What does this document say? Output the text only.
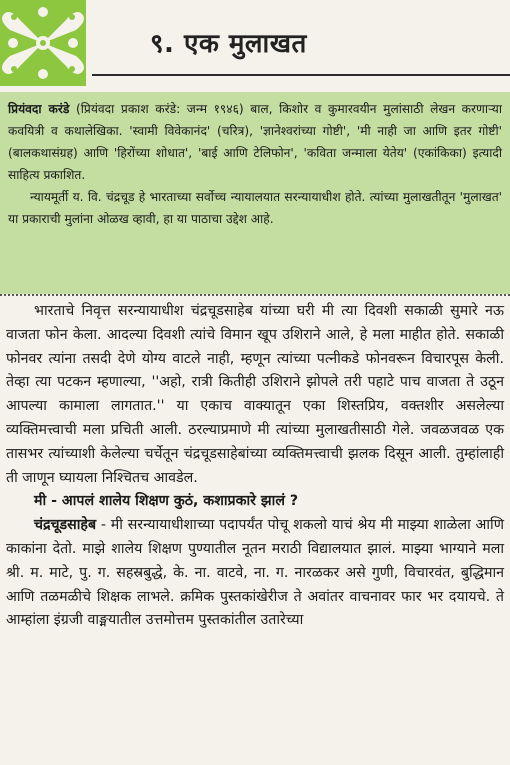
९. एक मुलाखत

प्रियंवदा करंडे (प्रियंवदा प्रकाश करंडे: जन्म १९४६) बाल, किशोर व कुमारवयीन मुलांसाठी लेखन करणाऱ्या कवयित्री व कथालेखिका. 'स्वामी विवेकानंद' (चरित्र), 'ज्ञानेश्वरांच्या गोष्टी', 'मी नाही जा आणि इतर गोष्टी' (बालकथासंग्रह) आणि 'हिरोंच्या शोधात', 'बाई आणि टेलिफोन', 'कविता जन्माला येतेय' (एकांकिका) इत्यादी साहित्य प्रकाशित.

न्यायमूर्ती य. वि. चंद्रचूड हे भारताच्या सर्वोच्च न्यायालयात सरन्यायाधीश होते. त्यांच्या मुलाखतीतून 'मुलाखत' या प्रकाराची मुलांना ओळख व्हावी, हा या पाठाचा उद्देश आहे.

भारताचे निवृत्त सरन्यायाधीश चंद्रचूडसाहेब यांच्या घरी मी त्या दिवशी सकाळी सुमारे नऊ वाजता फोन केला. आदल्या दिवशी त्यांचे विमान खूप उशिराने आले, हे मला माहीत होते. सकाळी फोनवर त्यांना तसदी देणे योग्य वाटले नाही, म्हणून त्यांच्या पत्नीकडे फोनवरून विचारपूस केली. तेव्हा त्या पटकन म्हणाल्या, ''अहो, रात्री कितीही उशिराने झोपले तरी पहाटे पाच वाजता ते उठून आपल्या कामाला लागतात.'' या एकाच वाक्यातून एका शिस्तप्रिय, वक्तशीर असलेल्या व्यक्तिमत्त्वाची मला प्रचिती आली. ठरल्याप्रमाणे मी त्यांच्या मुलाखतीसाठी गेले. जवळजवळ एक तासभर त्यांच्याशी केलेल्या चर्चेतून चंद्रचूडसाहेबांच्या व्यक्तिमत्त्वाची झलक दिसून आली. तुम्हांलाही ती जाणून घ्यायला निश्चितच आवडेल.

मी - आपलं शालेय शिक्षण कुठं, कशाप्रकारे झालं ?

चंद्रचूडसाहेब - मी सरन्यायाधीशाच्या पदापर्यंत पोचू शकलो याचं श्रेय मी माझ्या शाळेला आणि काकांना देतो. माझे शालेय शिक्षण पुण्यातील नूतन मराठी विद्यालयात झालं. माझ्या भाग्याने मला श्री. म. माटे, पु. ग. सहस्रबुद्धे, के. ना. वाटवे, ना. ग. नारळकर असे गुणी, विचारवंत, बुद्धिमान आणि तळमळीचे शिक्षक लाभले. क्रमिक पुस्तकांखेरीज ते अवांतर वाचनावर फार भर दयायचे. ते आम्हांला इंग्रजी वाङ्मयातील उत्तमोत्तम पुस्तकांतील उतारेच्या
